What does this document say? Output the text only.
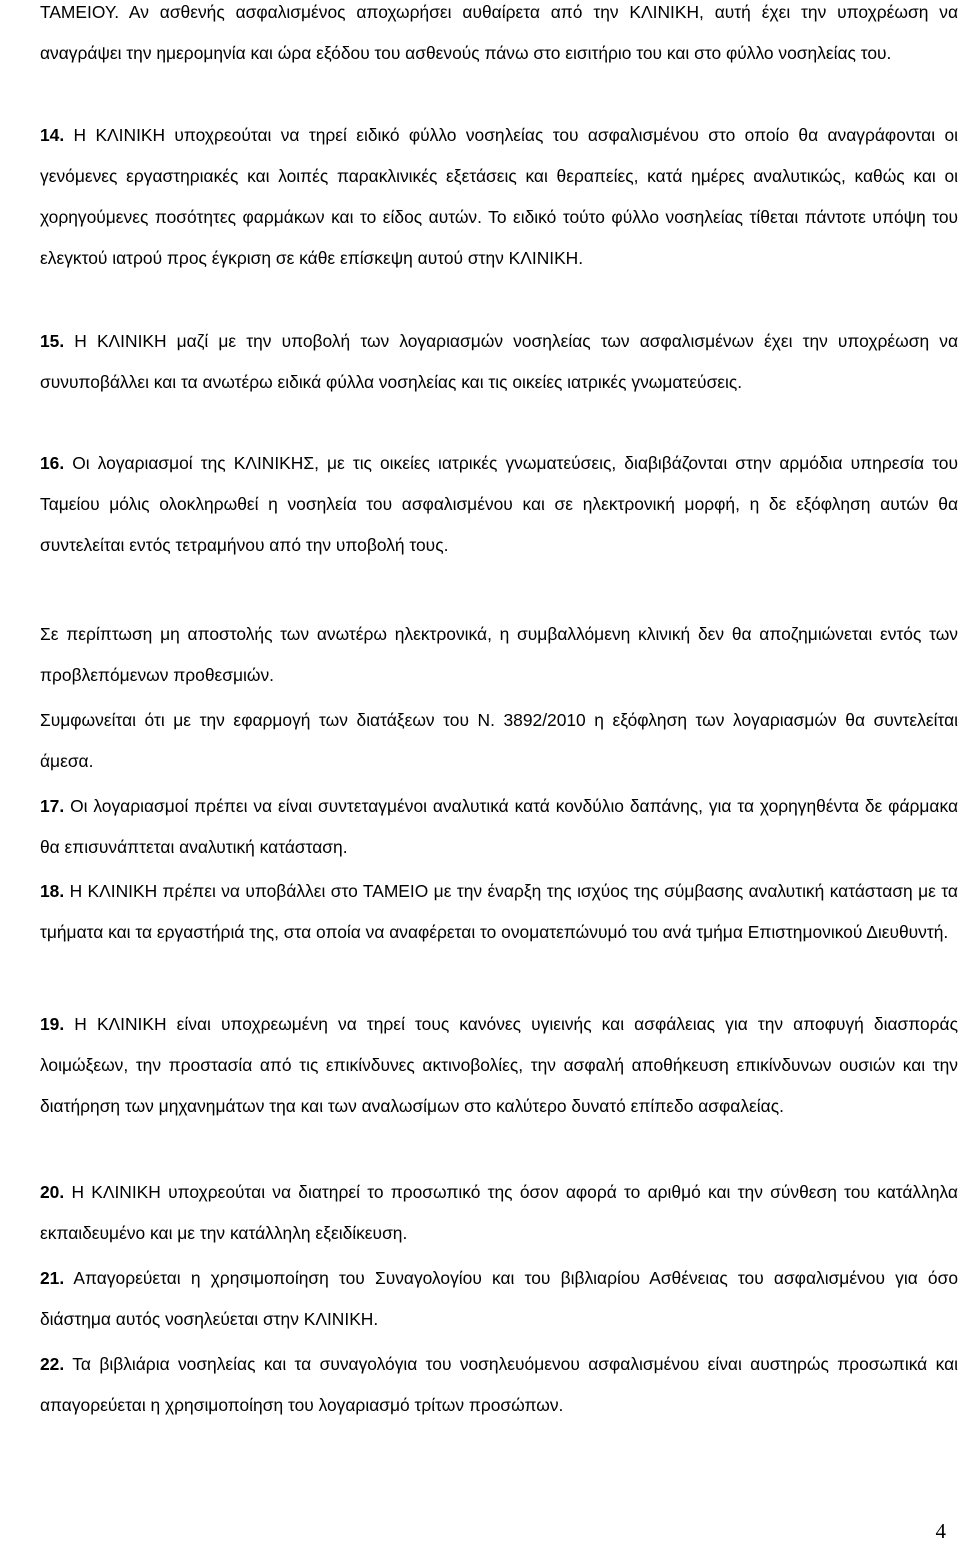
ΤΑΜΕΙΟΥ. Αν ασθενής ασφαλισμένος αποχωρήσει αυθαίρετα από την ΚΛΙΝΙΚΗ, αυτή έχει την υποχρέωση να αναγράψει την ημερομηνία και ώρα εξόδου του ασθενούς πάνω στο εισιτήριο του και στο φύλλο νοσηλείας του.

14. Η ΚΛΙΝΙΚΗ υποχρεούται να τηρεί ειδικό φύλλο νοσηλείας του ασφαλισμένου στο οποίο θα αναγράφονται οι γενόμενες εργαστηριακές και λοιπές παρακλινικές εξετάσεις και θεραπείες, κατά ημέρες αναλυτικώς, καθώς και οι χορηγούμενες ποσότητες φαρμάκων και το είδος αυτών. Το ειδικό τούτο φύλλο νοσηλείας τίθεται πάντοτε υπόψη του ελεγκτού ιατρού προς έγκριση σε κάθε επίσκεψη αυτού στην ΚΛΙΝΙΚΗ.

15. Η ΚΛΙΝΙΚΗ μαζί με την υποβολή των λογαριασμών νοσηλείας των ασφαλισμένων έχει την υποχρέωση να συνυποβάλλει και τα ανωτέρω ειδικά φύλλα νοσηλείας και τις οικείες ιατρικές γνωματεύσεις.

16. Οι λογαριασμοί της ΚΛΙΝΙΚΗΣ, με τις οικείες ιατρικές γνωματεύσεις, διαβιβάζονται στην αρμόδια υπηρεσία του Ταμείου μόλις ολοκληρωθεί η νοσηλεία του ασφαλισμένου και σε ηλεκτρονική μορφή, η δε εξόφληση αυτών θα συντελείται εντός τετραμήνου από την υποβολή τους.

Σε περίπτωση μη αποστολής των ανωτέρω ηλεκτρονικά, η συμβαλλόμενη κλινική δεν θα αποζημιώνεται εντός των προβλεπόμενων προθεσμιών.

Συμφωνείται ότι με την εφαρμογή των διατάξεων του Ν. 3892/2010 η εξόφληση των λογαριασμών θα συντελείται άμεσα.

17. Οι λογαριασμοί πρέπει να είναι συντεταγμένοι αναλυτικά κατά κονδύλιο δαπάνης, για τα χορηγηθέντα δε φάρμακα θα επισυνάπτεται αναλυτική κατάσταση.

18. Η ΚΛΙΝΙΚΗ πρέπει να υποβάλλει στο ΤΑΜΕΙΟ με την έναρξη της ισχύος της σύμβασης αναλυτική κατάσταση με τα τμήματα και τα εργαστήριά της, στα οποία να αναφέρεται το ονοματεπώνυμό του ανά τμήμα Επιστημονικού Διευθυντή.

19. Η ΚΛΙΝΙΚΗ είναι υποχρεωμένη να τηρεί τους κανόνες υγιεινής και ασφάλειας για την αποφυγή διασποράς λοιμώξεων, την προστασία από τις επικίνδυνες ακτινοβολίες, την ασφαλή αποθήκευση επικίνδυνων ουσιών και την διατήρηση των μηχανημάτων τηα και των αναλωσίμων στο καλύτερο δυνατό επίπεδο ασφαλείας.

20. Η ΚΛΙΝΙΚΗ υποχρεούται να διατηρεί το προσωπικό της όσον αφορά το αριθμό και την σύνθεση του κατάλληλα εκπαιδευμένο και με την κατάλληλη εξειδίκευση.

21. Απαγορεύεται η χρησιμοποίηση του Συναγολογίου και του βιβλιαρίου Ασθένειας του ασφαλισμένου για όσο διάστημα αυτός νοσηλεύεται στην ΚΛΙΝΙΚΗ.

22. Τα βιβλιάρια νοσηλείας και τα συναγολόγια του νοσηλευόμενου ασφαλισμένου είναι αυστηρώς προσωπικά και απαγορεύεται η χρησιμοποίηση του λογαριασμό τρίτων προσώπων.

4
